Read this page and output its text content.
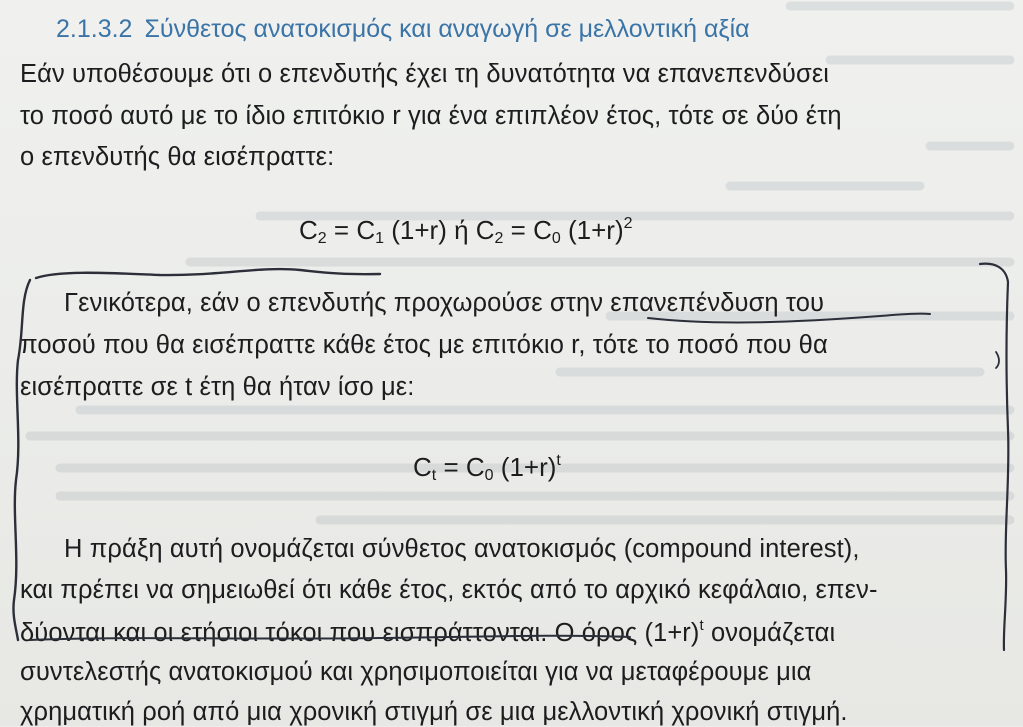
2.1.3.2 Σύνθετος ανατοκισμός και αναγωγή σε μελλοντική αξία
Εάν υποθέσουμε ότι ο επενδυτής έχει τη δυνατότητα να επανεπενδύσει
το ποσό αυτό με το ίδιο επιτόκιο r για ένα επιπλέον έτος, τότε σε δύο έτη
ο επενδυτής θα εισέπραττε:
$C_2 = C_1$ (1+r) ή $C_2 = C_0$ $(1+r)^2$
Γενικότερα, εάν ο επενδυτής προχωρούσε στην επανεπένδυση του
ποσού που θα εισέπραττε κάθε έτος με επιτόκιο r, τότε το ποσό που θα
εισέπραττε σε t έτη θα ήταν ίσο με:
$C_t = C_0$ $(1+r)^t$
Η πράξη αυτή ονομάζεται σύνθετος ανατοκισμός (compound interest),
και πρέπει να σημειωθεί ότι κάθε έτος, εκτός από το αρχικό κεφάλαιο, επεν-
δύονται και οι ετήσιοι τόκοι που εισπράττονται. Ο όρος $(1+r)^t$ ονομάζεται
συντελεστής ανατοκισμού και χρησιμοποιείται για να μεταφέρουμε μια
χρηματική ροή από μια χρονική στιγμή σε μια μελλοντική χρονική στιγμή.
